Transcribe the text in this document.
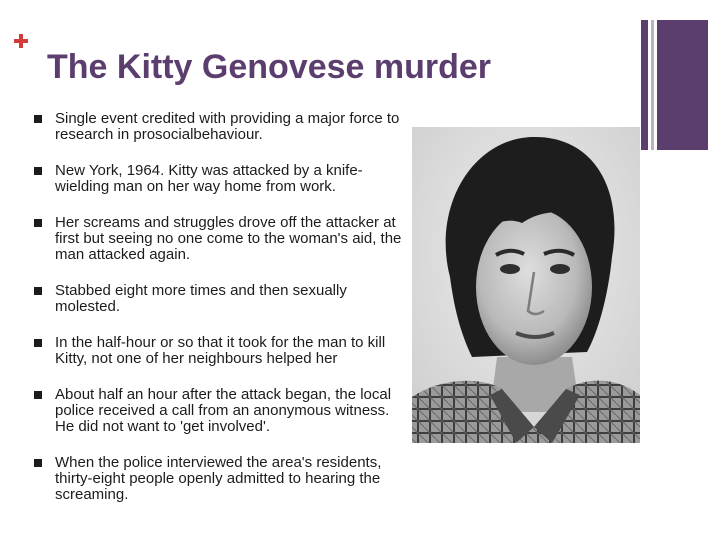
The Kitty Genovese murder
Single event credited with providing a major force to research in prosocialbehaviour.
New York, 1964. Kitty was attacked by a knife-wielding man on her way home from work.
Her screams and struggles drove off the attacker at first but seeing no one come to the woman's aid, the man attacked again.
Stabbed eight more times and then sexually molested.
In the half-hour or so that it took for the man to kill Kitty, not one of her neighbours helped her
About half an hour after the attack began, the local police received a call from an anonymous witness. He did not want to 'get involved'.
When the police interviewed the area's residents, thirty-eight people openly admitted to hearing the screaming.
